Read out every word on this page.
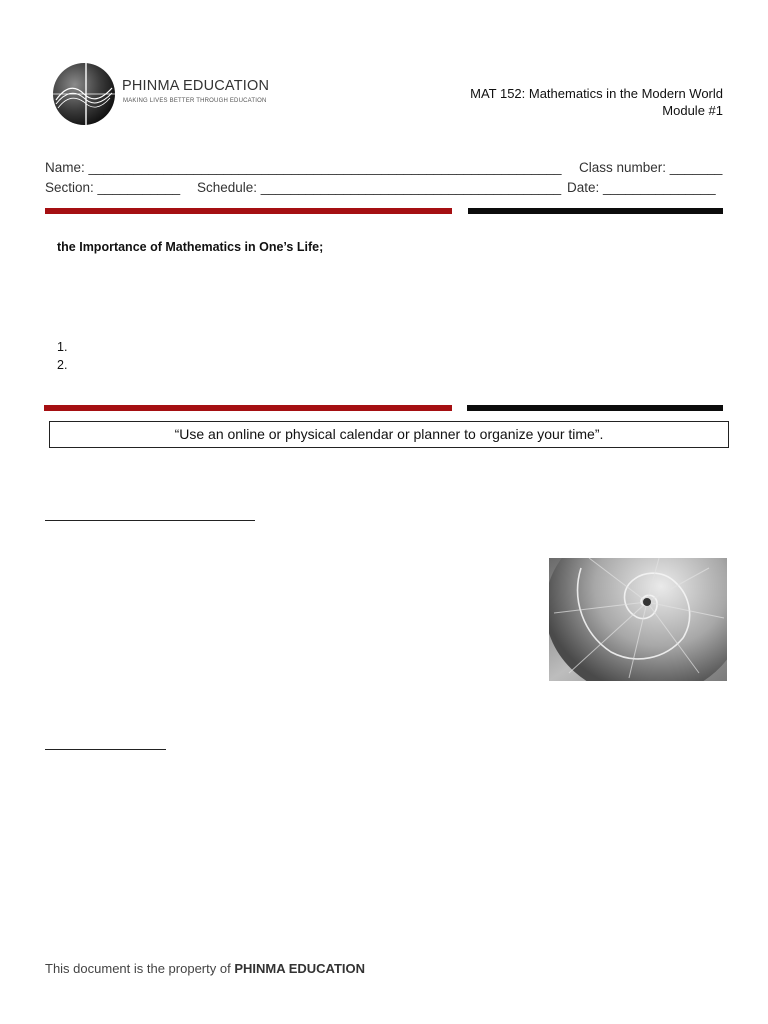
PHINMA EDUCATION
MAKING LIVES BETTER THROUGH EDUCATION	MAT 152: Mathematics in the Modern World
Module #1
Name: _______________________________________________________________ Class number: _______
Section: ___________ Schedule: ________________________________________ Date: _______________
the Importance of Mathematics in One’s Life;
1.
2.
“Use an online or physical calendar or planner to organize your time”.
This document is the property of PHINMA EDUCATION
